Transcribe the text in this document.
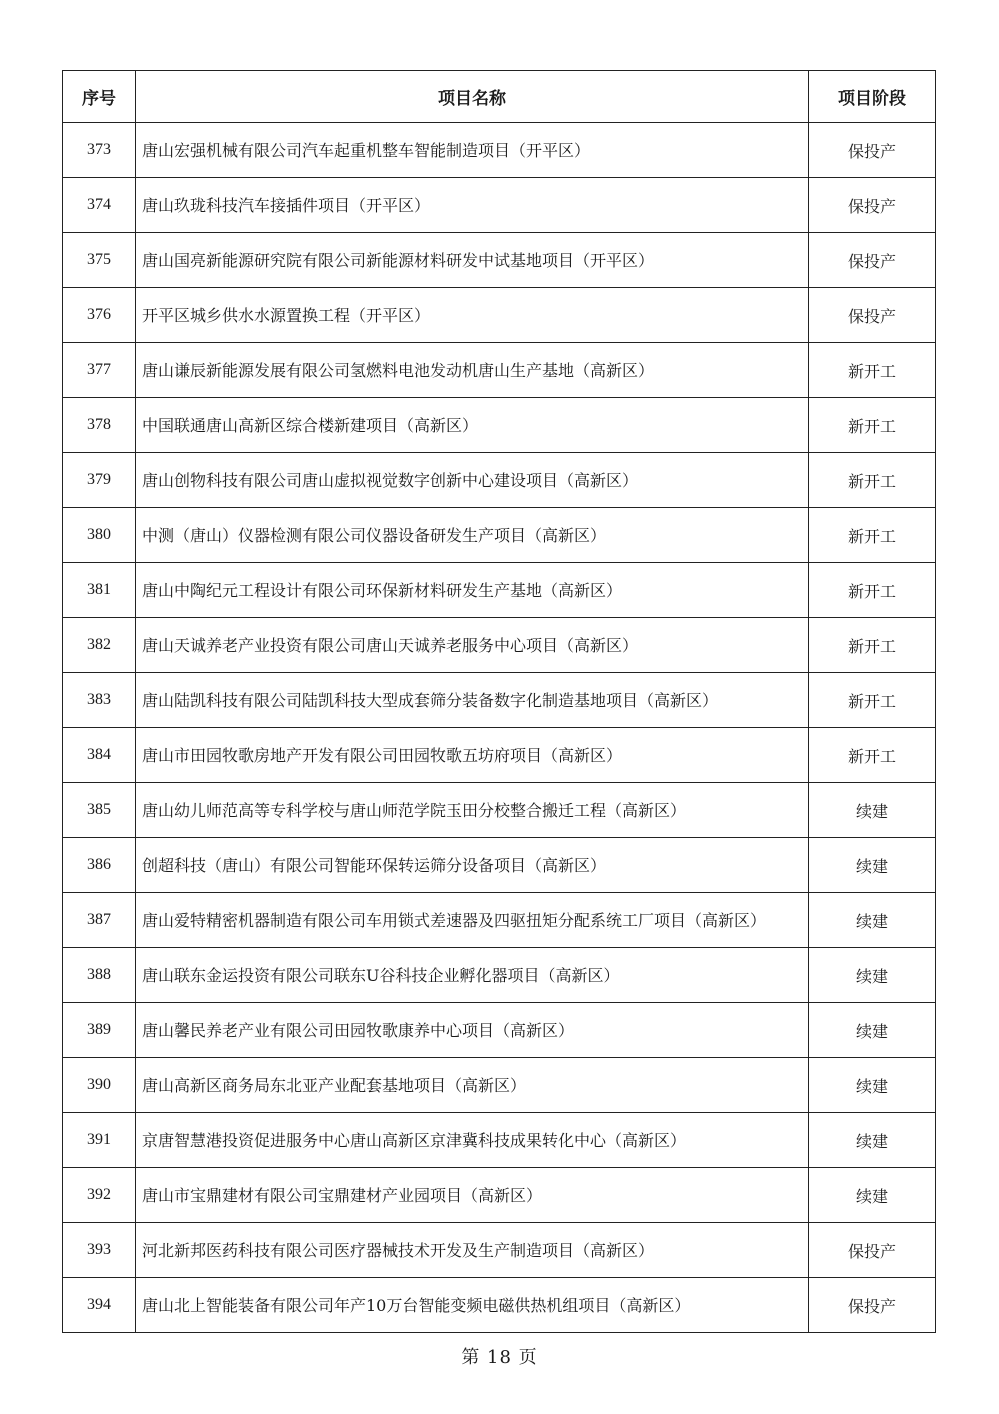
序号	项目名称	项目阶段
373	唐山宏强机械有限公司汽车起重机整车智能制造项目（开平区）	保投产
374	唐山玖珑科技汽车接插件项目（开平区）	保投产
375	唐山国亮新能源研究院有限公司新能源材料研发中试基地项目（开平区）	保投产
376	开平区城乡供水水源置换工程（开平区）	保投产
377	唐山谦辰新能源发展有限公司氢燃料电池发动机唐山生产基地（高新区）	新开工
378	中国联通唐山高新区综合楼新建项目（高新区）	新开工
379	唐山创物科技有限公司唐山虚拟视觉数字创新中心建设项目（高新区）	新开工
380	中测（唐山）仪器检测有限公司仪器设备研发生产项目（高新区）	新开工
381	唐山中陶纪元工程设计有限公司环保新材料研发生产基地（高新区）	新开工
382	唐山天诚养老产业投资有限公司唐山天诚养老服务中心项目（高新区）	新开工
383	唐山陆凯科技有限公司陆凯科技大型成套筛分装备数字化制造基地项目（高新区）	新开工
384	唐山市田园牧歌房地产开发有限公司田园牧歌五坊府项目（高新区）	新开工
385	唐山幼儿师范高等专科学校与唐山师范学院玉田分校整合搬迁工程（高新区）	续建
386	创超科技（唐山）有限公司智能环保转运筛分设备项目（高新区）	续建
387	唐山爱特精密机器制造有限公司车用锁式差速器及四驱扭矩分配系统工厂项目（高新区）	续建
388	唐山联东金运投资有限公司联东U谷科技企业孵化器项目（高新区）	续建
389	唐山馨民养老产业有限公司田园牧歌康养中心项目（高新区）	续建
390	唐山高新区商务局东北亚产业配套基地项目（高新区）	续建
391	京唐智慧港投资促进服务中心唐山高新区京津冀科技成果转化中心（高新区）	续建
392	唐山市宝鼎建材有限公司宝鼎建材产业园项目（高新区）	续建
393	河北新邦医药科技有限公司医疗器械技术开发及生产制造项目（高新区）	保投产
394	唐山北上智能装备有限公司年产10万台智能变频电磁供热机组项目（高新区）	保投产
第 18 页
